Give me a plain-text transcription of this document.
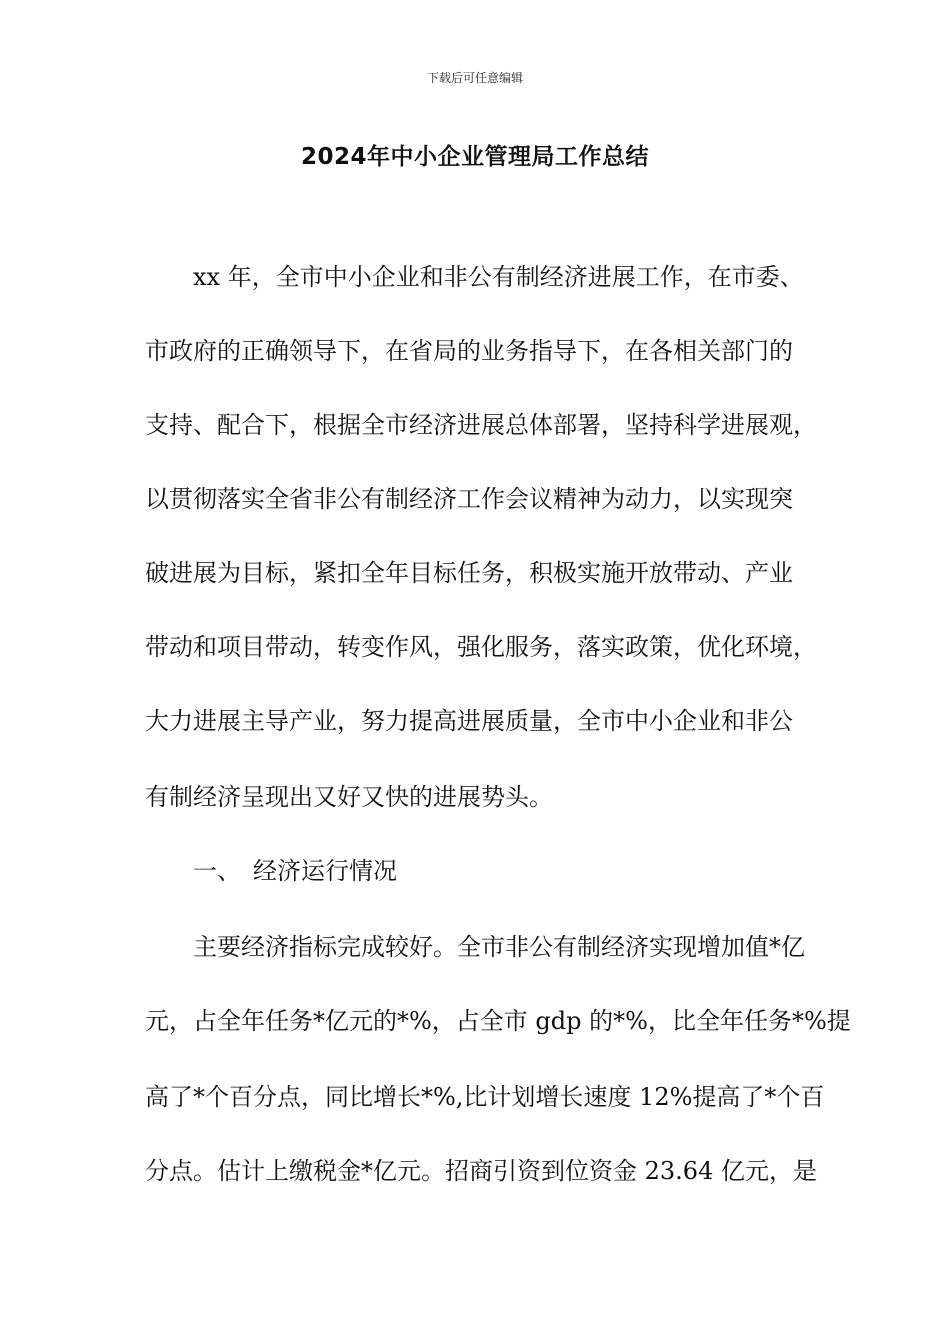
下载后可任意编辑
2024年中小企业管理局工作总结
xx 年，全市中小企业和非公有制经济进展工作，在市委、
市政府的正确领导下，在省局的业务指导下，在各相关部门的
支持、配合下，根据全市经济进展总体部署，坚持科学进展观，
以贯彻落实全省非公有制经济工作会议精神为动力，以实现突
破进展为目标，紧扣全年目标任务，积极实施开放带动、产业
带动和项目带动，转变作风，强化服务，落实政策，优化环境，
大力进展主导产业，努力提高进展质量，全市中小企业和非公
有制经济呈现出又好又快的进展势头。
一、 经济运行情况
主要经济指标完成较好。全市非公有制经济实现增加值*亿
元，占全年任务*亿元的*%，占全市 gdp 的*%，比全年任务*%提
高了*个百分点，同比增长*%,比计划增长速度 12%提高了*个百
分点。估计上缴税金*亿元。招商引资到位资金 23.64 亿元，是
